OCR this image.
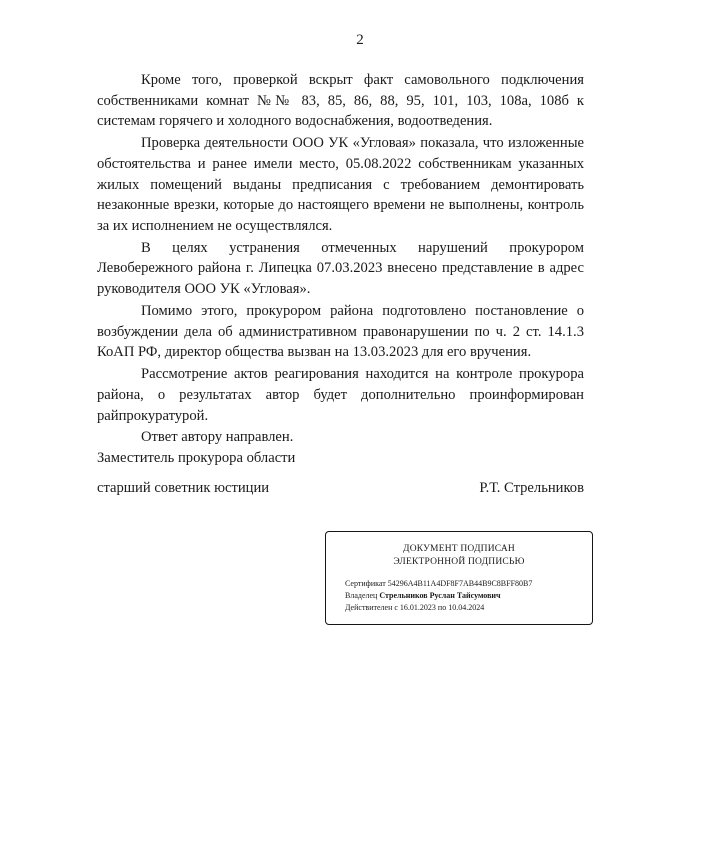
2

Кроме того, проверкой вскрыт факт самовольного подключения собственниками комнат №№ 83, 85, 86, 88, 95, 101, 103, 108а, 108б к системам горячего и холодного водоснабжения, водоотведения.

Проверка деятельности ООО УК «Угловая» показала, что изложенные обстоятельства и ранее имели место, 05.08.2022 собственникам указанных жилых помещений выданы предписания с требованием демонтировать незаконные врезки, которые до настоящего времени не выполнены, контроль за их исполнением не осуществлялся.

В целях устранения отмеченных нарушений прокурором Левобережного района г. Липецка 07.03.2023 внесено представление в адрес руководителя ООО УК «Угловая».

Помимо этого, прокурором района подготовлено постановление о возбуждении дела об административном правонарушении по ч. 2 ст. 14.1.3 КоАП РФ, директор общества вызван на 13.03.2023 для его вручения.

Рассмотрение актов реагирования находится на контроле прокурора района, о результатах автор будет дополнительно проинформирован райпрокуратурой.

Ответ автору направлен.

Заместитель прокурора области
старший советник юстиции	Р.Т. Стрельников
ДОКУМЕНТ ПОДПИСАН
ЭЛЕКТРОННОЙ ПОДПИСЬЮ
Сертификат 54296A4B11A4DF8F7AB44B9C8BFF80B7
Владелец Стрельников Руслан Тайсумович
Действителен с 16.01.2023 по 10.04.2024
